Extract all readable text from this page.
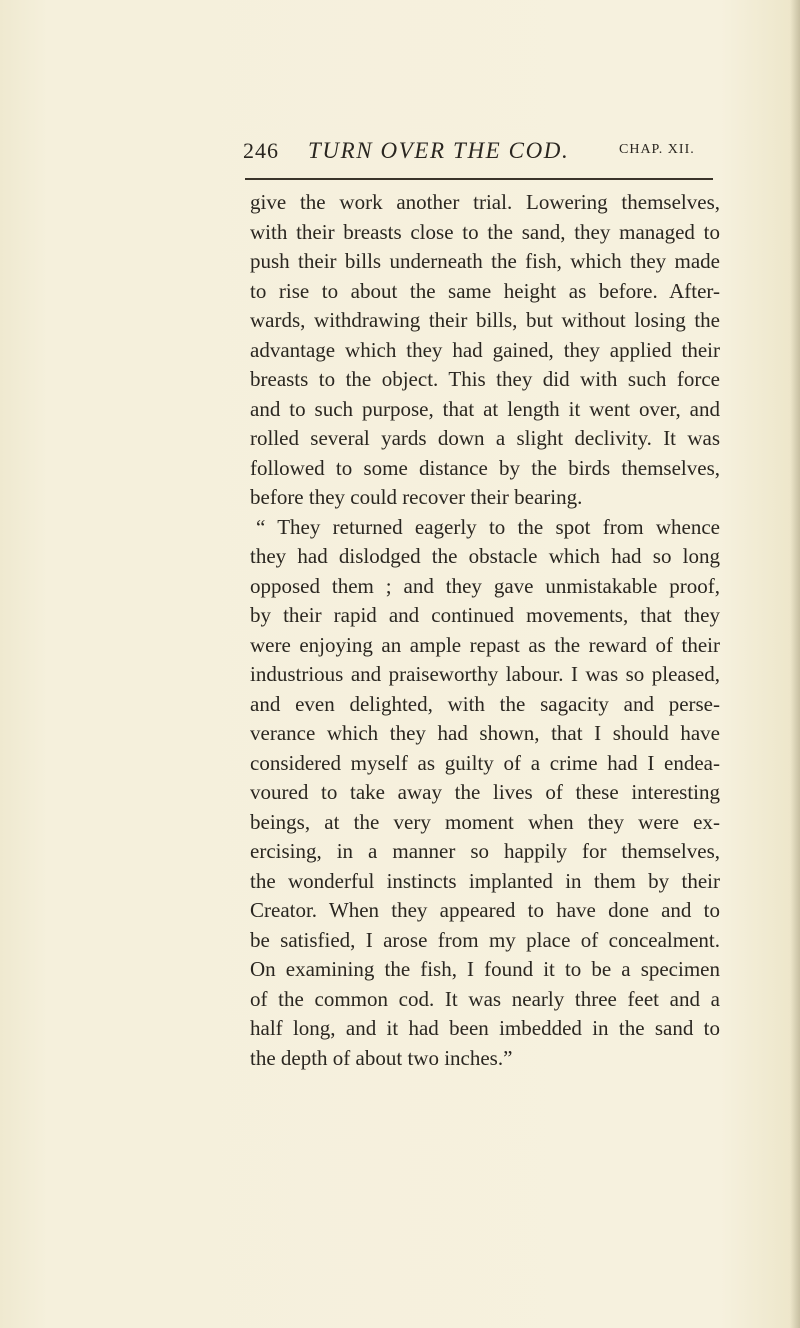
246 TURN OVER THE COD.	CHAP. XII.
give the work another trial. Lowering themselves,
with their breasts close to the sand, they managed to
push their bills underneath the fish, which they made
to rise to about the same height as before. After-
wards, withdrawing their bills, but without losing the
advantage which they had gained, they applied their
breasts to the object. This they did with such force
and to such purpose, that at length it went over, and
rolled several yards down a slight declivity. It was
followed to some distance by the birds themselves,
before they could recover their bearing.
“ They returned eagerly to the spot from whence
they had dislodged the obstacle which had so long
opposed them ; and they gave unmistakable proof,
by their rapid and continued movements, that they
were enjoying an ample repast as the reward of their
industrious and praiseworthy labour. I was so pleased,
and even delighted, with the sagacity and perse-
verance which they had shown, that I should have
considered myself as guilty of a crime had I endea-
voured to take away the lives of these interesting
beings, at the very moment when they were ex-
ercising, in a manner so happily for themselves,
the wonderful instincts implanted in them by their
Creator. When they appeared to have done and to
be satisfied, I arose from my place of concealment.
On examining the fish, I found it to be a specimen
of the common cod. It was nearly three feet and a
half long, and it had been imbedded in the sand to
the depth of about two inches.”
